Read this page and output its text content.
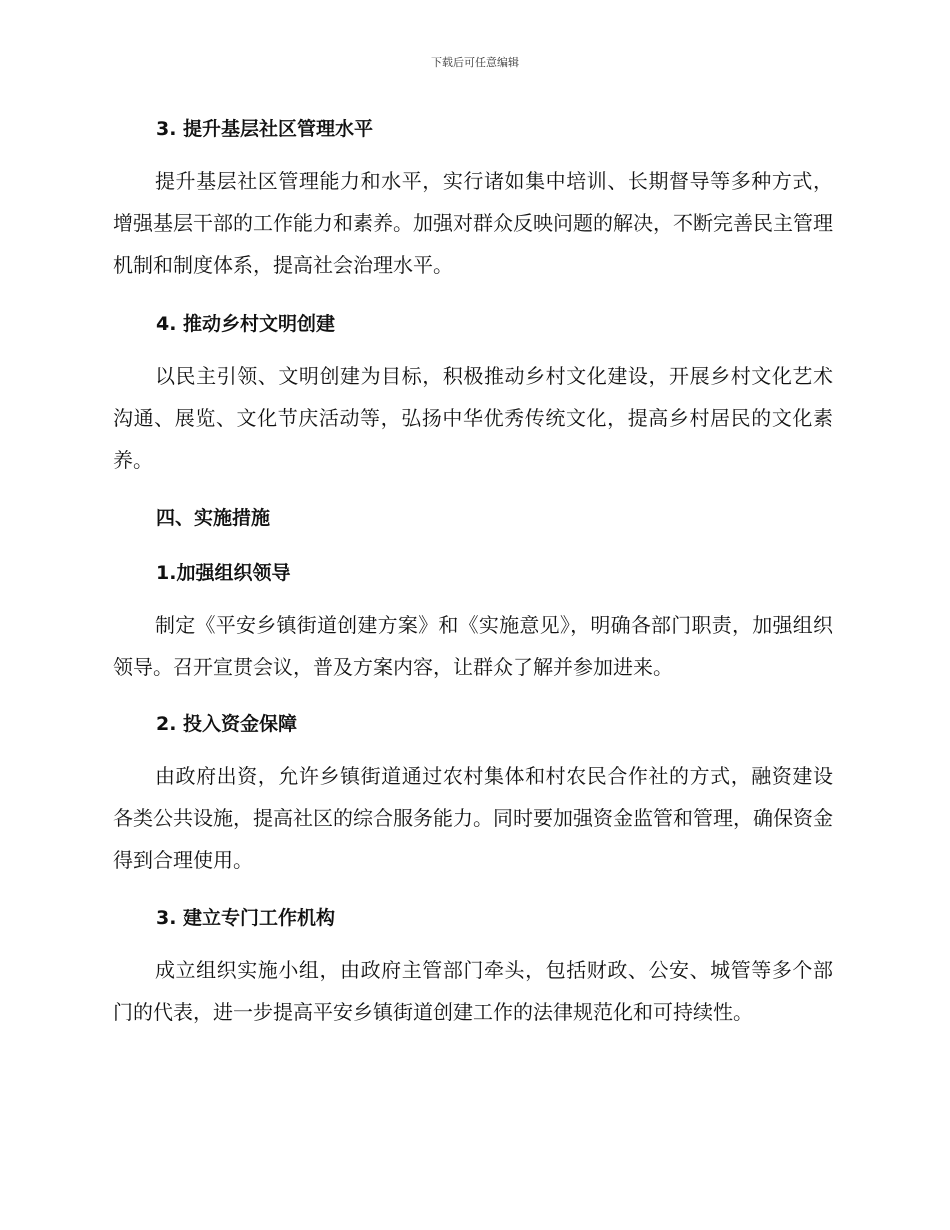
下载后可任意编辑
3. 提升基层社区管理水平
提升基层社区管理能力和水平，实行诸如集中培训、长期督导等多种方式，增强基层干部的工作能力和素养。加强对群众反映问题的解决，不断完善民主管理机制和制度体系，提高社会治理水平。
4. 推动乡村文明创建
以民主引领、文明创建为目标，积极推动乡村文化建设，开展乡村文化艺术沟通、展览、文化节庆活动等，弘扬中华优秀传统文化，提高乡村居民的文化素养。
四、实施措施
1.加强组织领导
制定《平安乡镇街道创建方案》和《实施意见》，明确各部门职责，加强组织领导。召开宣贯会议，普及方案内容，让群众了解并参加进来。
2. 投入资金保障
由政府出资，允许乡镇街道通过农村集体和村农民合作社的方式，融资建设各类公共设施，提高社区的综合服务能力。同时要加强资金监管和管理，确保资金得到合理使用。
3. 建立专门工作机构
成立组织实施小组，由政府主管部门牵头，包括财政、公安、城管等多个部门的代表，进一步提高平安乡镇街道创建工作的法律规范化和可持续性。
